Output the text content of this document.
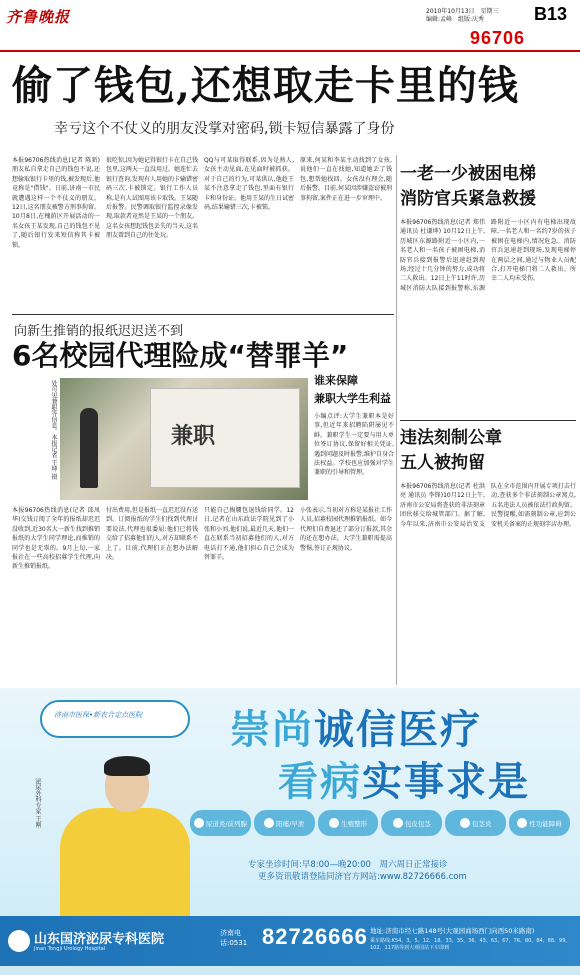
齐鲁晚报	2010年10月13日　星期三
编辑:孟峰　组版:庆秀	B13
96706
偷了钱包,还想取走卡里的钱
幸亏这个不仗义的朋友没掌对密码,锁卡短信暴露了身份
本报96706热线消息(记者 陈新) 朋友私自拿走自己的钱包不说,还想偷取银行卡里的钱,被发现后,他竟称是"借钱"。日前,济南一市民就遭遇这样一个不仗义的朋友。12日,这名朋友被警方刑事拘留。10月8日,在槐荫区开展活动的一名女孩王某发现,自己的钱包不见了,随后银行发来短信称其卡被锁。
很吃惊,因为她记得银行卡在自己钱包里,这两天一直没用过。她连忙去银行查询,发现有人用她的卡输错密码三次,卡被锁定。银行工作人员称,是有人试图用该卡取钱。王某随后报警。民警调取银行监控录像发现,取款者竟然是王某的一个朋友。这名女孩想起钱包丢失的当天,这名朋友曾到自己的住处玩。
QQ与可某取得联系,因为是熟人,女孩主动见面,在见面时被抓获。对于自己的行为,可某供认,他趁王某不注意拿走了钱包,里面有银行卡和身份证。他用王某的生日试密码,结果输错三次,卡被锁。
原来,何某和李某主动找到了女孩,说他们一直在找她,知道她丢了钱包,想帮她找回。女孩没有理会,随后报警。目前,何某因涉嫌盗窃被刑事拘留,案件正在进一步审理中。
一老一少被困电梯
消防官兵紧急救援
本报96706热线消息(记者 郑伟 通讯员 杜谦坤) 10月12日上午,历城区东源路附近一小区内,一名老人和一名孩子被困电梯,消防官兵接到报警后迅速赶到现场,经过十几分钟的努力,成功将二人救出。12日上午11时许,历城区消防大队接到报警称,东源路附近一小区内有电梯出现故障,一名老人和一名约7岁的孩子被困在电梯内,情况危急。消防官兵迅速赶到现场,发现电梯停在两层之间,通过与物业人员配合,打开电梯门将二人救出。所幸二人均未受伤。
违法刻制公章
五人被拘留
本报96706热线消息(记者 杜洪亮 通讯员 李锋)10月12日上午,济南市公安局将查获的非法刻章团伙移交给城管部门。据了解,今年以来,济南市公安局治安支队在全市范围内开展专项打击行动,查获多个非法刻制公章窝点,五名违法人员被依法行政拘留。民警提醒,如需刻制公章,应到公安机关备案的正规刻字店办理。
向新生推销的报纸迟迟送不到
6名校园代理险成“替罪羊”
处可见兼职等信息。本报记者 王坤 摄	兼职
谁来保障
兼职大学生利益
小编点评:大学生兼职本是好事,但近年来招聘陷阱屡见不鲜。兼职学生一定要与用人单位签订协议,保留好相关凭证,遇到问题及时报警,维护自身合法权益。学校也应加强对学生兼职的引导和管理。
本报96706热线消息(记者 邱凤华)交钱订阅了全年的报纸却迟迟没收到,近30名大一新生找到推销报纸的大学生同学理论,而推销的同学也是无辜的。9月上旬,一家报社在一些高校招募学生代理,向新生推销报纸。
付出费用,但是报纸一直迟迟没有送到。订阅报纸的学生们找到代理讨要说法,代理也很委屈:他们已将钱交给了招募他们的人,对方却联系不上了。目前,代理们正在想办法解决。
只能自己掏腰包退钱给同学。12日,记者在山东政法学院见到了小张和小刘,他们说,最近几天,他们一直在联系当初招募他们的人,对方电话打不通,他们担心自己会成为替罪羊。
小张表示,当初对方称是某报社工作人员,招募校园代理推销报纸。如今代理们自费退还了部分订报款,其余的还在想办法。大学生兼职需提高警惕,签订正规协议。
济南市医保•新农合定点医院	崇尚诚信医疗
看病实事求是
泌尿外科专家 王刚	尿道炎/前列腺	阳痿/早泄	生殖整形	包皮包茎	包茎炎	性功能障碍
专家坐诊时间:早8:00—晚20:00　周六周日正常接诊
更多资讯敬请登陆同济官方网站:www.82726666.com
山东国济泌尿专科医院
Jinan Tongji Urology Hospital
济南电话:0531 82726666 地址:济南市经七路148号(大观园商场西门向西50米路南)
乘车路线:K54、3、5、12、18、33、35、36、43、63、67、76、80、84、88、99、102、117路等到大观园站下车即到
